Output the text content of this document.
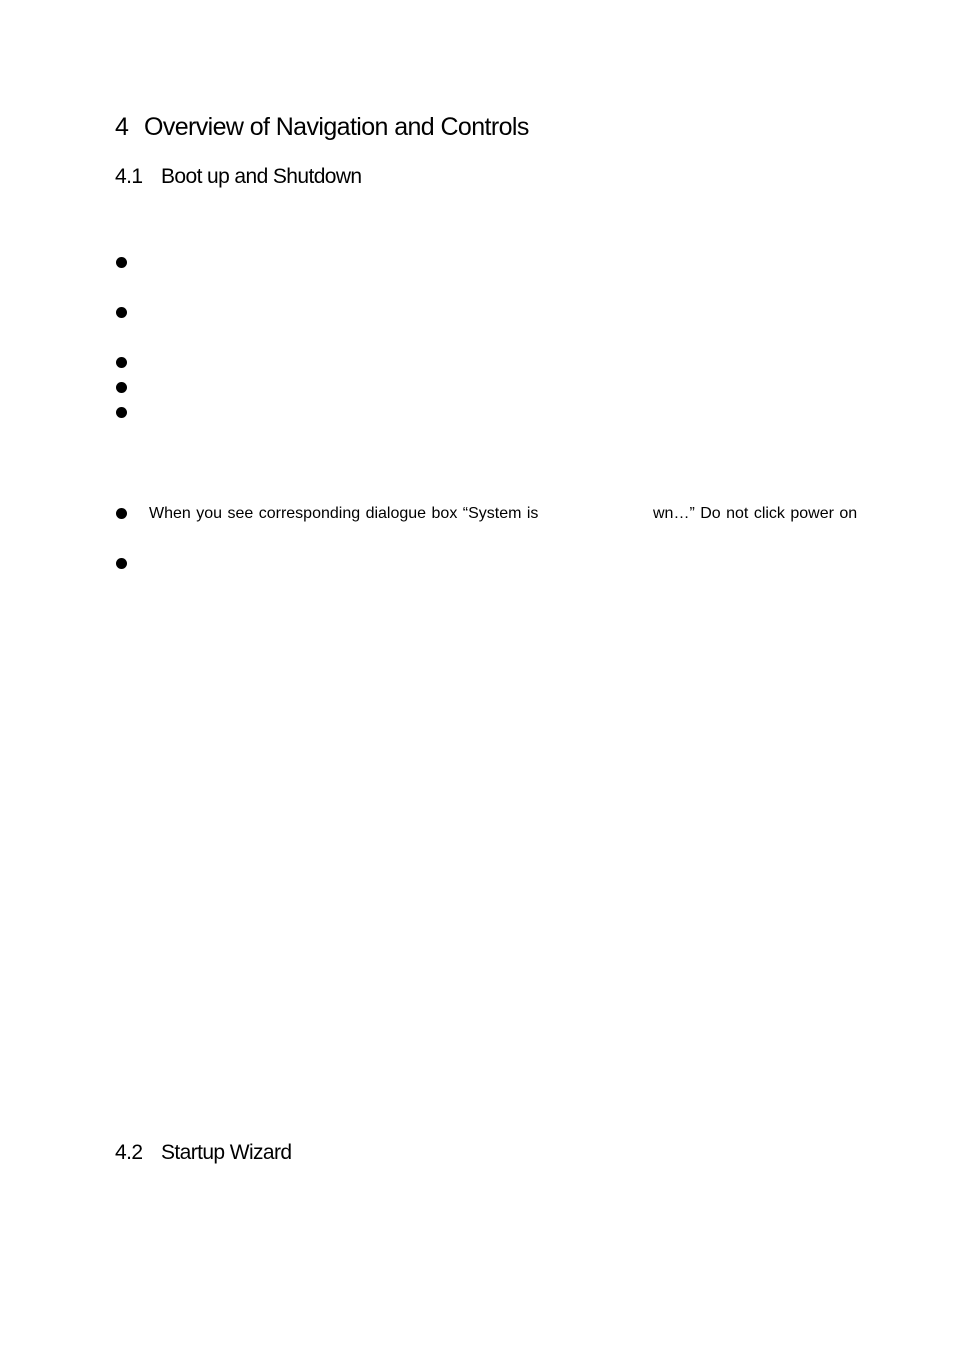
4 Overview of Navigation and Controls
4.1 Boot up and Shutdown
When you see corresponding dialogue box “System is	wn…” Do not click power on
4.2 Startup Wizard
